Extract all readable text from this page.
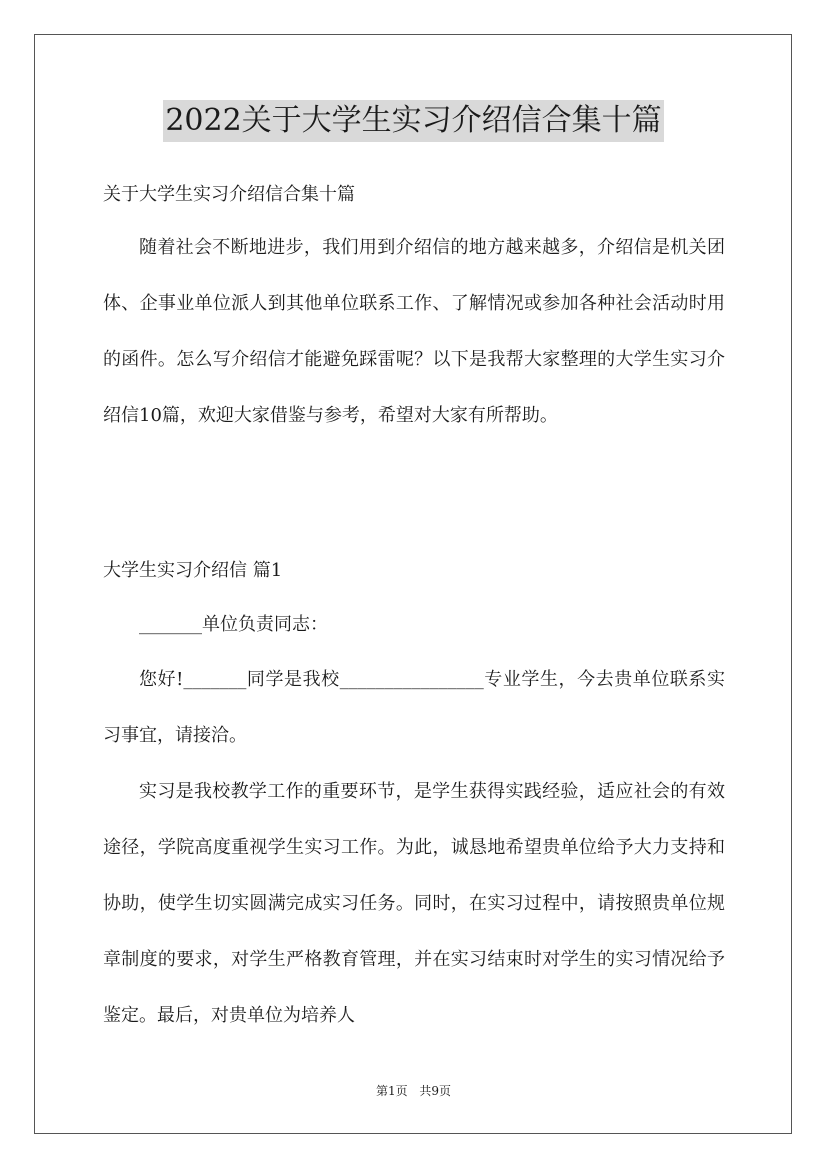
2022关于大学生实习介绍信合集十篇
关于大学生实习介绍信合集十篇

随着社会不断地进步，我们用到介绍信的地方越来越多，介绍信是机关团体、企事业单位派人到其他单位联系工作、了解情况或参加各种社会活动时用的函件。怎么写介绍信才能避免踩雷呢？以下是我帮大家整理的大学生实习介绍信10篇，欢迎大家借鉴与参考，希望对大家有所帮助。

大学生实习介绍信 篇1
_______单位负责同志：

您好!_______同学是我校________________专业学生，今去贵单位联系实习事宜，请接洽。

实习是我校教学工作的重要环节，是学生获得实践经验，适应社会的有效途径，学院高度重视学生实习工作。为此，诚恳地希望贵单位给予大力支持和协助，使学生切实圆满完成实习任务。同时，在实习过程中，请按照贵单位规章制度的要求，对学生严格教育管理，并在实习结束时对学生的实习情况给予鉴定。最后，对贵单位为培养人

第1页 共9页
